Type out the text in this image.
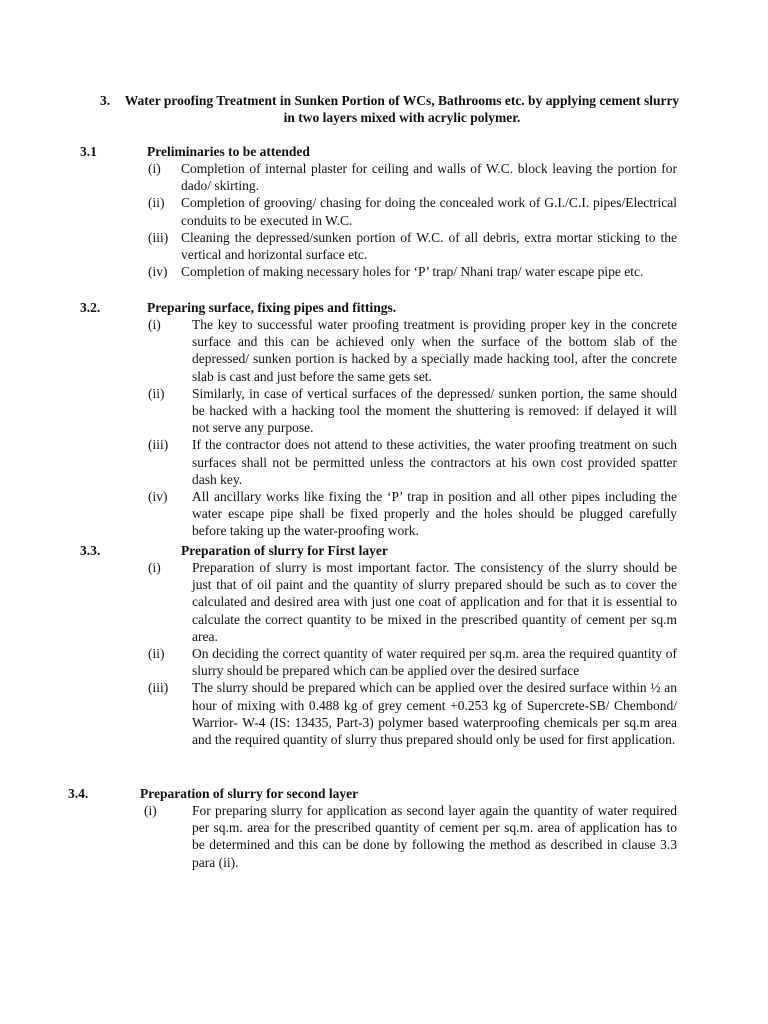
3.	Water proofing Treatment in Sunken Portion of WCs, Bathrooms etc. by applying cement slurry in two layers mixed with acrylic polymer.
3.1	Preliminaries to be attended
(i) Completion of internal plaster for ceiling and walls of W.C. block leaving the portion for dado/ skirting.
(ii) Completion of grooving/ chasing for doing the concealed work of G.I./C.I. pipes/Electrical conduits to be executed in W.C.
(iii) Cleaning the depressed/sunken portion of W.C. of all debris, extra mortar sticking to the vertical and horizontal surface etc.
(iv) Completion of making necessary holes for ‘P’ trap/ Nhani trap/ water escape pipe etc.
3.2.	Preparing surface, fixing pipes and fittings.
(i) The key to successful water proofing treatment is providing proper key in the concrete surface and this can be achieved only when the surface of the bottom slab of the depressed/ sunken portion is hacked by a specially made hacking tool, after the concrete slab is cast and just before the same gets set.
(ii) Similarly, in case of vertical surfaces of the depressed/ sunken portion, the same should be hacked with a hacking tool the moment the shuttering is removed: if delayed it will not serve any purpose.
(iii) If the contractor does not attend to these activities, the water proofing treatment on such surfaces shall not be permitted unless the contractors at his own cost provided spatter dash key.
(iv) All ancillary works like fixing the ‘P’ trap in position and all other pipes including the water escape pipe shall be fixed properly and the holes should be plugged carefully before taking up the water-proofing work.
3.3.	Preparation of slurry for First layer
(i) Preparation of slurry is most important factor. The consistency of the slurry should be just that of oil paint and the quantity of slurry prepared should be such as to cover the calculated and desired area with just one coat of application and for that it is essential to calculate the correct quantity to be mixed in the prescribed quantity of cement per sq.m area.
(ii) On deciding the correct quantity of water required per sq.m. area the required quantity of slurry should be prepared which can be applied over the desired surface
(iii) The slurry should be prepared which can be applied over the desired surface within ½ an hour of mixing with 0.488 kg of grey cement +0.253 kg of Supercrete-SB/ Chembond/ Warrior- W-4 (IS: 13435, Part-3) polymer based waterproofing chemicals per sq.m area and the required quantity of slurry thus prepared should only be used for first application.
3.4.	Preparation of slurry for second layer
(i)	For preparing slurry for application as second layer again the quantity of water required per sq.m. area for the prescribed quantity of cement per sq.m. area of application has to be determined and this can be done by following the method as described in clause 3.3 para (ii).
